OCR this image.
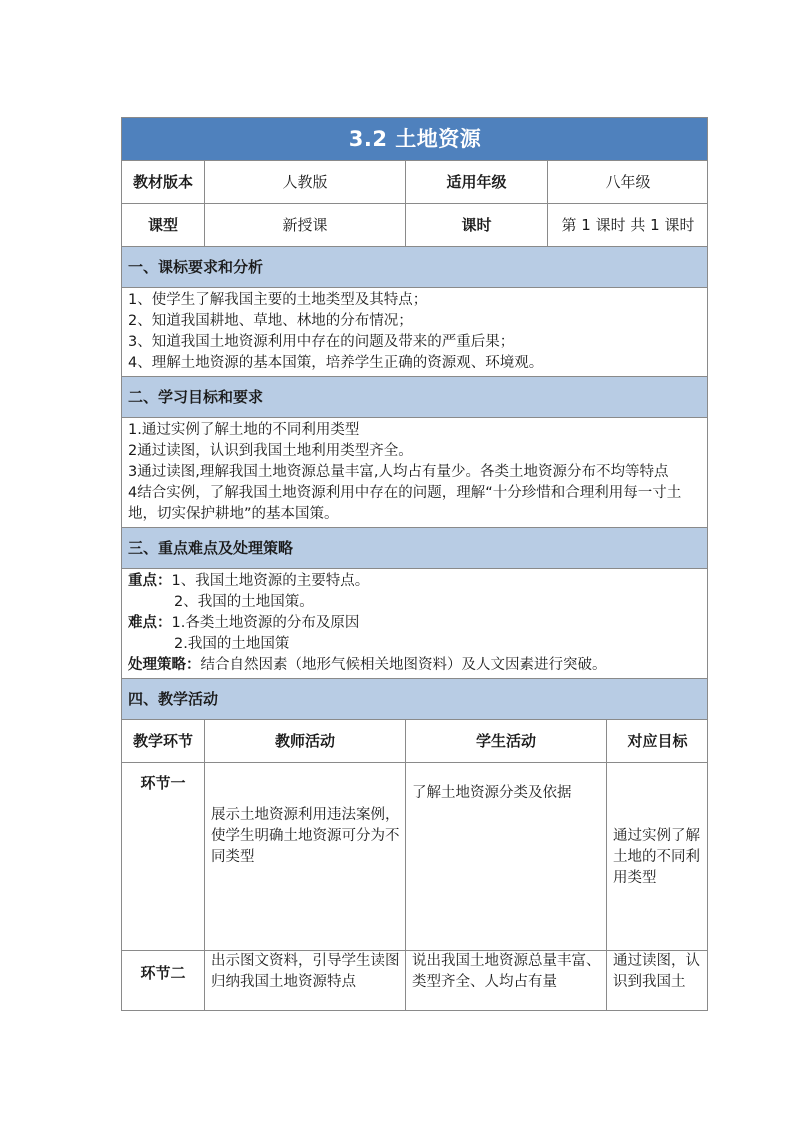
3.2 土地资源				
教材版本	人教版	适用年级	八年级	
课型	新授课	课时	第 1 课时 共 1 课时	
一、课标要求和分析				

1、使学生了解我国主要的土地类型及其特点；

2、知道我国耕地、草地、林地的分布情况；

3、知道我国土地资源利用中存在的问题及带来的严重后果；

4、理解土地资源的基本国策，培养学生正确的资源观、环境观。				

二、学习目标和要求				

1.通过实例了解土地的不同利用类型

2通过读图，认识到我国土地利用类型齐全。

3通过读图,理解我国土地资源总量丰富,人均占有量少。各类土地资源分布不均等特点

4结合实例，了解我国土地资源利用中存在的问题，理解“十分珍惜和合理利用每一寸土地，切实保护耕地”的基本国策。				

三、重点难点及处理策略				

重点：1、我国土地资源的主要特点。

2、我国的土地国策。

难点：1.各类土地资源的分布及原因

2.我国的土地国策

处理策略：结合自然因素（地形气候相关地图资料）及人文因素进行突破。				

四、教学活动				
教学环节	教师活动	学生活动		对应目标
环节一	展示土地资源利用违法案例，使学生明确土地资源可分为不同类型	了解土地资源分类及依据		通过实例了解土地的不同利用类型
环节二	出示图文资料，引导学生读图归纳我国土地资源特点	说出我国土地资源总量丰富、类型齐全、人均占有量		通过读图，认识到我国土
